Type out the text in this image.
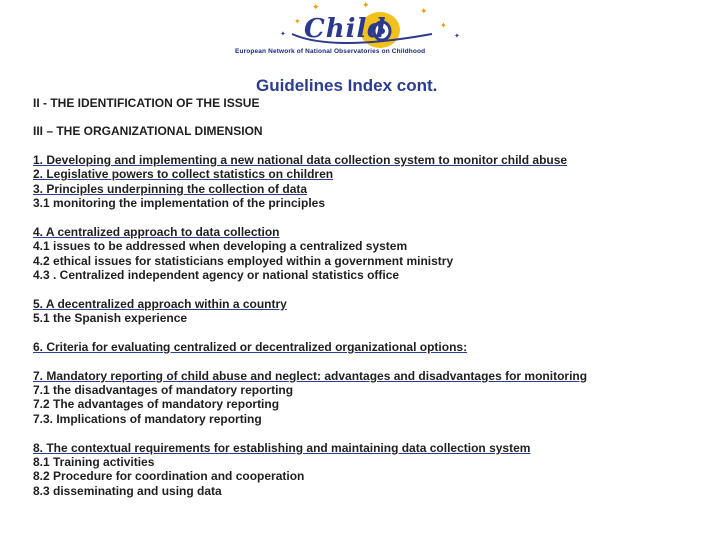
✦	✦
✦
✦	✦
✦	✦
Child
European Network of National Observatories on Childhood
Guidelines Index cont.
II - THE IDENTIFICATION OF THE ISSUE
III – THE ORGANIZATIONAL DIMENSION
1. Developing and implementing a new national data collection system to monitor child abuse
2. Legislative powers to collect statistics on children
3. Principles underpinning the collection of data
3.1 monitoring the implementation of the principles
4. A centralized approach to data collection
4.1 issues to be addressed when developing a centralized system
4.2 ethical issues for statisticians employed within a government ministry
4.3 . Centralized independent agency or national statistics office
5. A decentralized approach within a country
5.1 the Spanish experience
6. Criteria for evaluating centralized or decentralized organizational options:
7. Mandatory reporting of child abuse and neglect: advantages and disadvantages for monitoring
7.1 the disadvantages of mandatory reporting
7.2 The advantages of mandatory reporting
7.3. Implications of mandatory reporting
8. The contextual requirements for establishing and maintaining data collection system
8.1 Training activities
8.2 Procedure for coordination and cooperation
8.3 disseminating and using data
